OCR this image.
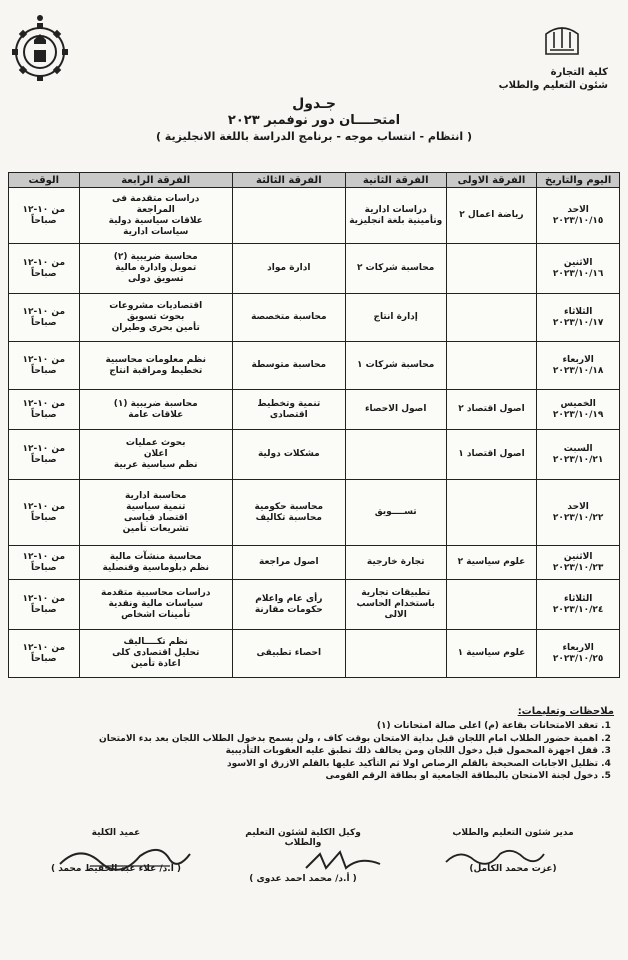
كلية التجارة
شئون التعليم والطلاب
جـدول
امتحــــان دور نوفمبر ٢٠٢٣
( انتظام - انتساب موجه - برنامج الدراسة باللغة الانجليزية )
اليوم والتاريخ	الفرقة الاولى	الفرقة الثانية	الفرقة الثالثة	الفرقة الرابعة	الوقت

الاحد
٢٠٢٣/١٠/١٥	رياضة اعمال ٢	دراسات ادارية
وتأمينية بلغة انجليزية		دراسات متقدمة فى
المراجعة
علاقات سياسية دولية
سياسات ادارية	من ١٠-١٢
صباحاً

الاثنين
٢٠٢٣/١٠/١٦		محاسبة شركات ٢	ادارة مواد	محاسبة ضريبية (٢)
تمويل وادارة مالية
تسويق دولى	من ١٠-١٢
صباحاً

الثلاثاء
٢٠٢٣/١٠/١٧		إدارة انتاج	محاسبة متخصصة	اقتصاديات مشروعات
بحوث تسويق
تأمين بحرى وطيران	من ١٠-١٢
صباحاً

الاربعاء
٢٠٢٣/١٠/١٨		محاسبة شركات ١	محاسبة متوسطة	نظم معلومات محاسبية
تخطيط ومراقبة انتاج	من ١٠-١٢
صباحاً

الخميس
٢٠٢٣/١٠/١٩	اصول اقتصاد ٢	اصول الاحصاء	تنمية وتخطيط
اقتصادى	محاسبة ضريبية (١)
علاقات عامة	من ١٠-١٢
صباحاً

السبت
٢٠٢٣/١٠/٢١	اصول اقتصاد ١		مشكلات دولية	بحوث عمليات
اعلان
نظم سياسية عربية	من ١٠-١٢
صباحاً

الاحد
٢٠٢٣/١٠/٢٢		تســــويق	محاسبة حكومية
محاسبة تكاليف	محاسبة ادارية
تنمية سياسية
اقتصاد قياسى
تشريعات تأمين	من ١٠-١٢
صباحاً

الاثنين
٢٠٢٣/١٠/٢٣	علوم سياسية ٢	تجارة خارجية	اصول مراجعة	محاسبة منشآت مالية
نظم دبلوماسية وقنصلية	من ١٠-١٢
صباحاً

الثلاثاء
٢٠٢٣/١٠/٢٤		تطبيقات تجارية
باستخدام الحاسب
الالى	رأى عام واعلام
حكومات مقارنة	دراسات محاسبية متقدمة
سياسات مالية ونقدية
تأمينات اشخاص	من ١٠-١٢
صباحاً

الاربعاء
٢٠٢٣/١٠/٢٥	علوم سياسية ١		احصاء تطبيقى	نظم تكــــاليف
تحليل اقتصادى كلى
اعادة تأمين	من ١٠-١٢
صباحاً
ملاحظات وتعليمات:
1. تعقد الامتحانات بقاعة (م) اعلى صالة امتحانات (١)
2. اهمية حضور الطلاب امام اللجان قبل بداية الامتحان بوقت كاف ، ولن يسمح بدخول الطلاب اللجان بعد بدء الامتحان
3. قفل اجهزة المحمول قبل دخول اللجان ومن يخالف ذلك تطبق عليه العقوبات التأديبية
4. تظليل الاجابات الصحيحة بالقلم الرصاص اولا ثم التأكيد عليها بالقلم الازرق او الاسود
5. دخول لجنة الامتحان بالبطاقة الجامعية او بطاقة الرقم القومى
مدير شئون التعليم والطلاب
(عزت محمد الكامل)
وكيل الكلية لشئون التعليم والطلاب
( أ.د/ محمد احمد عدوى )
عميد الكلية
( أ.د/ علاء عبد الحفيظ محمد )
